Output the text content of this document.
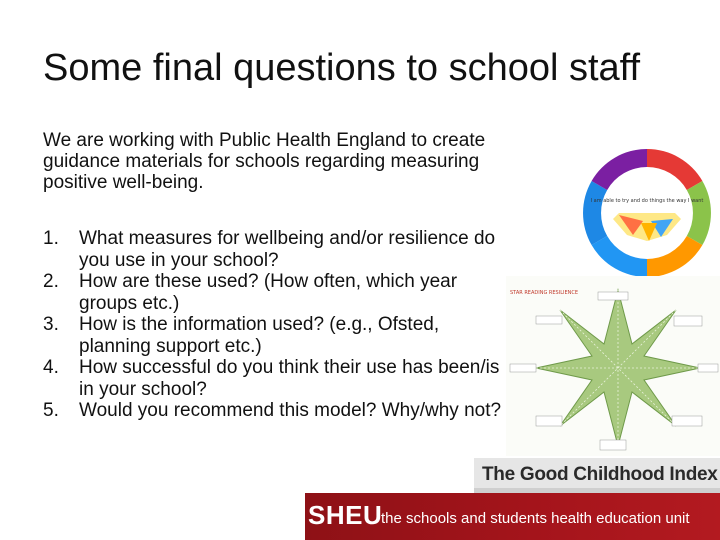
Some final questions to school staff
We are working with Public Health England to create guidance materials for schools regarding measuring positive well-being.
1. What measures for wellbeing and/or resilience do you use in your school?
2. How are these used? (How often, which year groups etc.)
3. How is the information used? (e.g., Ofsted, planning support etc.)
4. How successful do you think their use has been/is in your school?
5. Would you recommend this model? Why/why not?
I am able to try and do things the way I want
STAR READING RESILIENCE
The Good Childhood Index
SHEU
the schools and students health education unit
